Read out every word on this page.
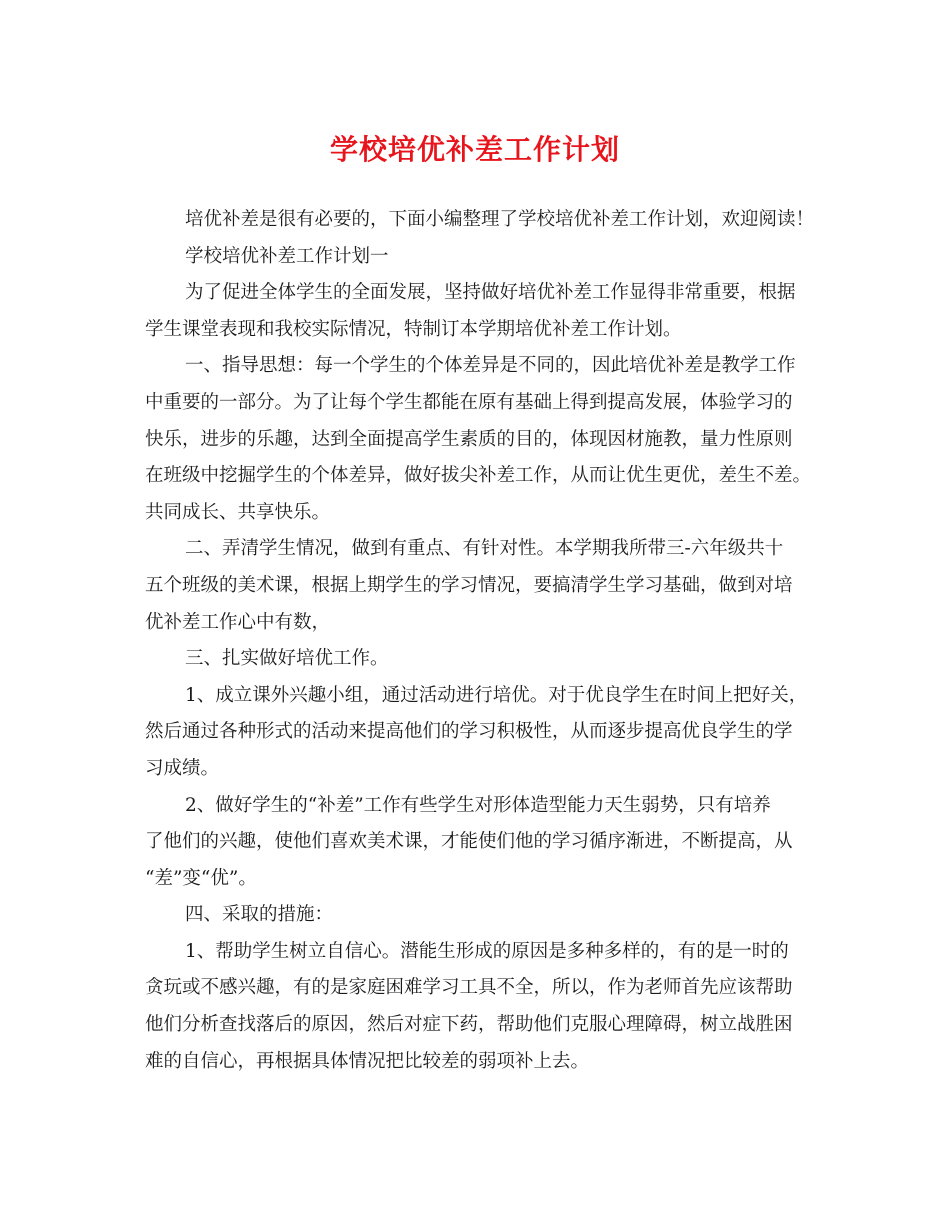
学校培优补差工作计划
培优补差是很有必要的，下面小编整理了学校培优补差工作计划，欢迎阅读！
学校培优补差工作计划一
为了促进全体学生的全面发展，坚持做好培优补差工作显得非常重要，根据
学生课堂表现和我校实际情况，特制订本学期培优补差工作计划。
一、指导思想：每一个学生的个体差异是不同的，因此培优补差是教学工作
中重要的一部分。为了让每个学生都能在原有基础上得到提高发展，体验学习的
快乐，进步的乐趣，达到全面提高学生素质的目的，体现因材施教，量力性原则
在班级中挖掘学生的个体差异，做好拔尖补差工作，从而让优生更优，差生不差。
共同成长、共享快乐。
二、弄清学生情况，做到有重点、有针对性。本学期我所带三-六年级共十
五个班级的美术课，根据上期学生的学习情况，要搞清学生学习基础，做到对培
优补差工作心中有数，
三、扎实做好培优工作。
1、成立课外兴趣小组，通过活动进行培优。对于优良学生在时间上把好关，
然后通过各种形式的活动来提高他们的学习积极性，从而逐步提高优良学生的学
习成绩。
2、做好学生的“补差”工作有些学生对形体造型能力天生弱势，只有培养
了他们的兴趣，使他们喜欢美术课，才能使们他的学习循序渐进，不断提高，从
“差”变“优”。
四、采取的措施：
1、帮助学生树立自信心。潜能生形成的原因是多种多样的，有的是一时的
贪玩或不感兴趣，有的是家庭困难学习工具不全，所以，作为老师首先应该帮助
他们分析查找落后的原因，然后对症下药，帮助他们克服心理障碍，树立战胜困
难的自信心，再根据具体情况把比较差的弱项补上去。
